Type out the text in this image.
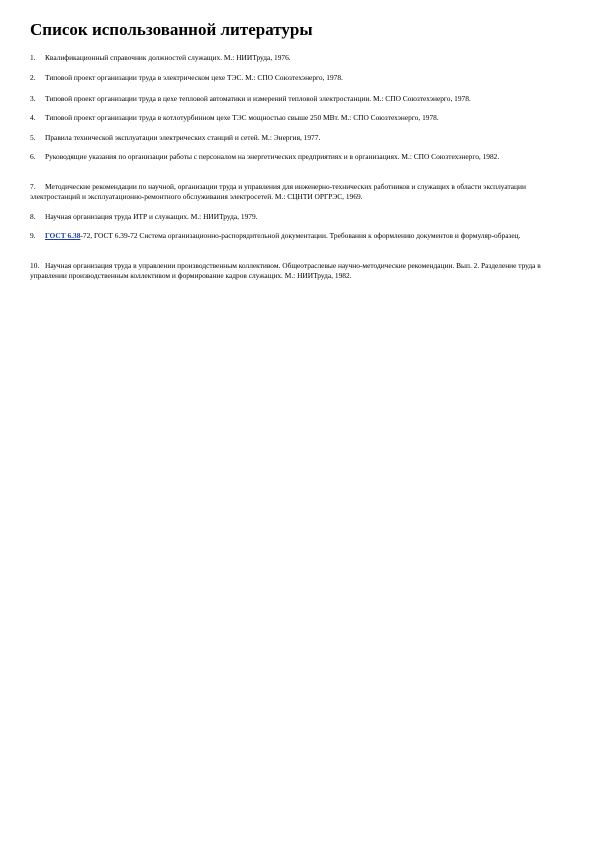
Список использованной литературы
1. Квалификационный справочник должностей служащих. М.: НИИТруда, 1976.
2. Типовой проект организации труда в электрическом цехе ТЭС. М.: СПО Союзтехэнерго, 1978.
3. Типовой проект организации труда в цехе тепловой автоматики и измерений тепловой электростанции. М.: СПО Союзтехэнерго, 1978.
4. Типовой проект организации труда в котлотурбинном цехе ТЭС мощностью свыше 250 МВт. М.: СПО Союзтехэнерго, 1978.
5. Правила технической эксплуатации электрических станций и сетей. М.: Энергия, 1977.
6. Руководящие указания по организации работы с персоналом на энергетических предприятиях и в организациях. М.: СПО Союзтехэнерго, 1982.
7. Методические рекомендации по научной, организации труда и управления для инженерно-технических работников и служащих в области эксплуатации электростанций и эксплуатационно-ремонтного обслуживания электросетей. М.: СЦНТИ ОРГРЭС, 1969.
8. Научная организация труда ИТР и служащих. М.: НИИТруда, 1979.
9. ГОСТ 6.38-72, ГОСТ 6.39-72 Система организационно-распорядительной документации. Требования к оформлению документов и формуляр-образец.
10. Научная организация труда в управлении производственным коллективом. Общеотраслевые научно-методические рекомендации. Вып. 2. Разделение труда в управлении производственным коллективом и формирование кадров служащих. М.: НИИТруда, 1982.
